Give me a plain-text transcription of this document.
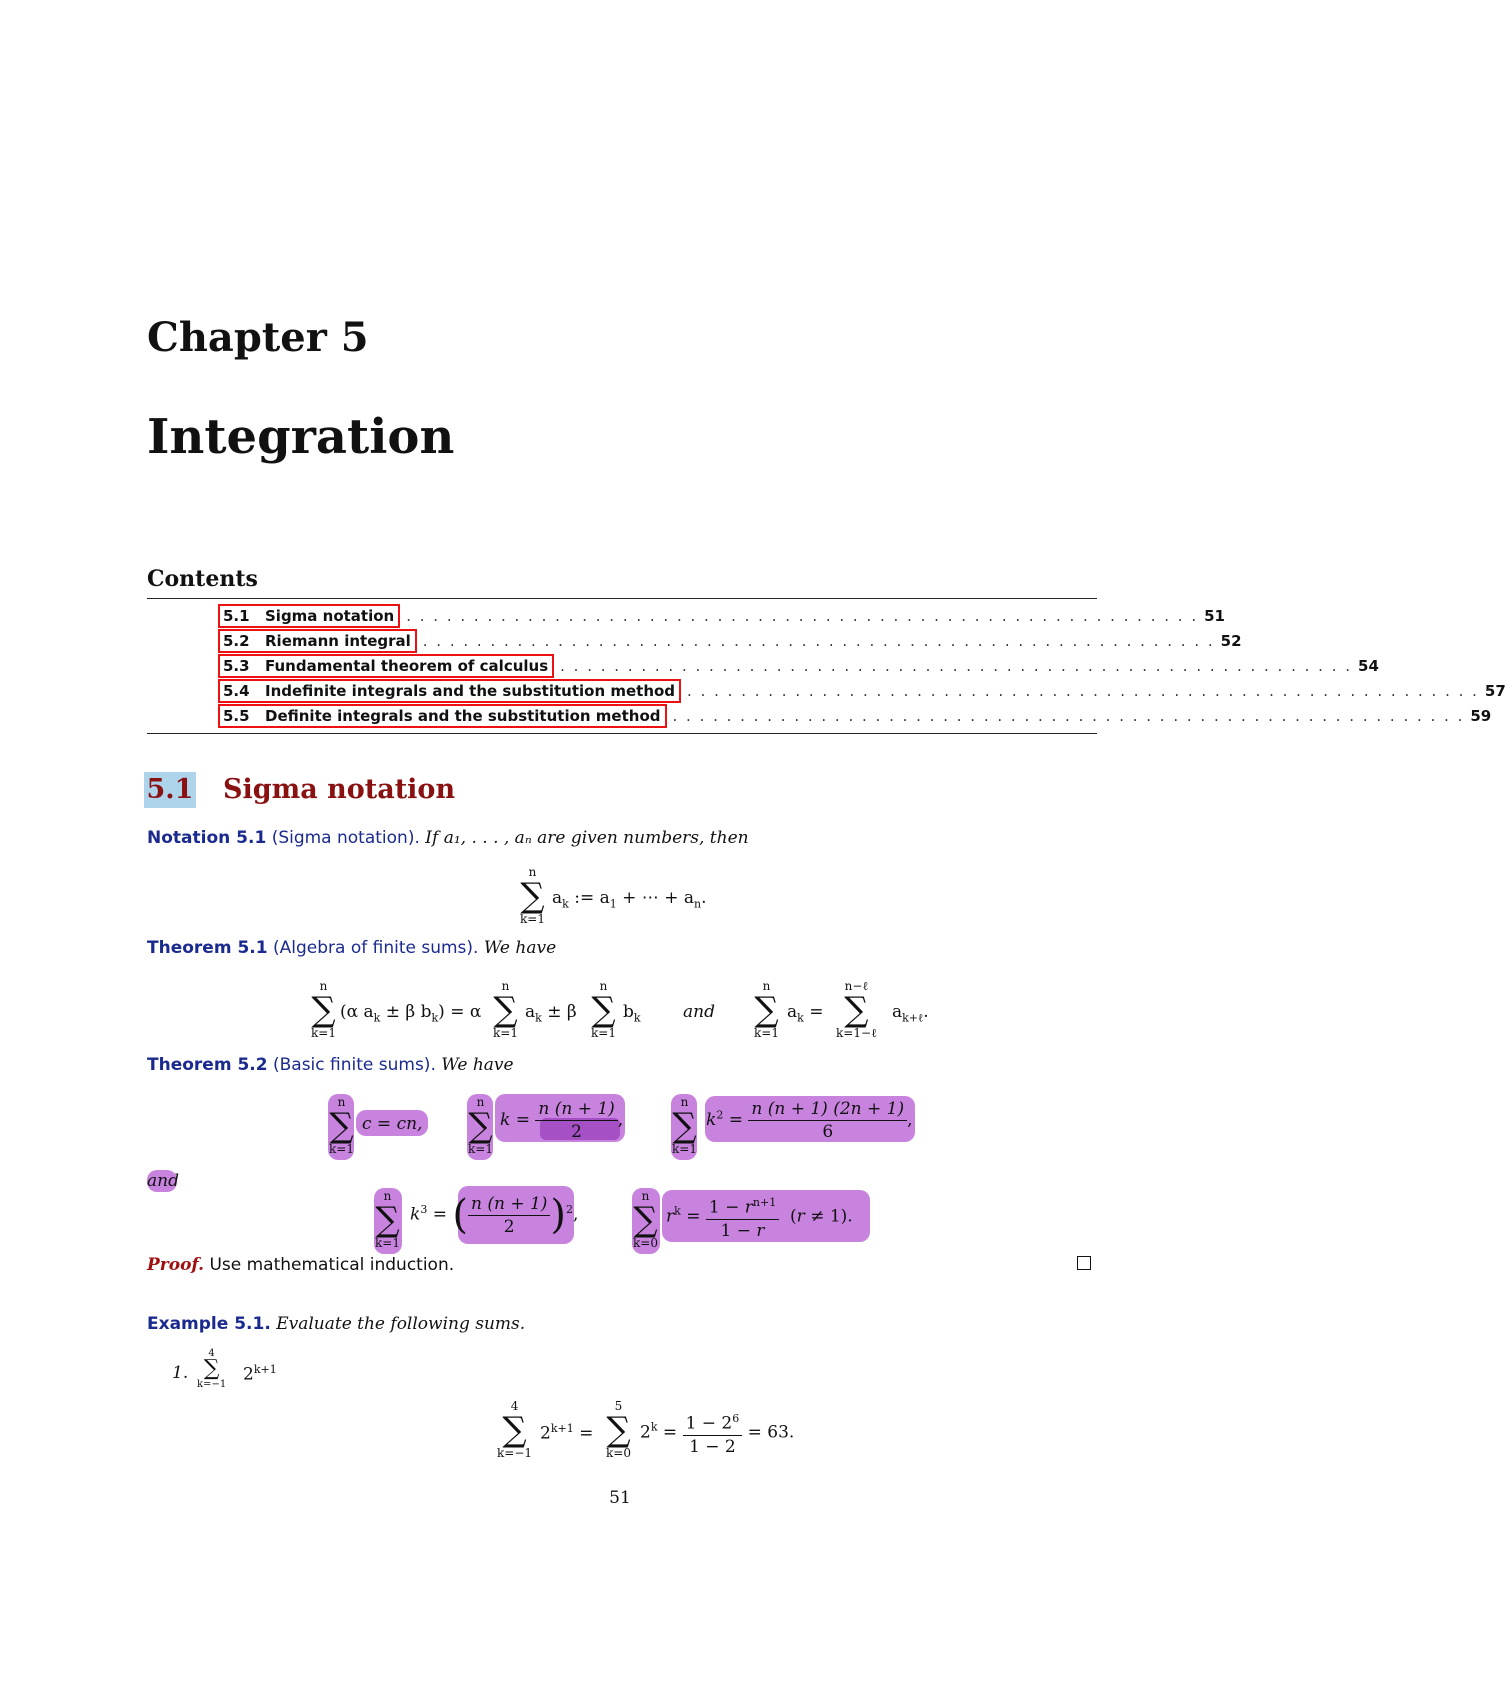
Chapter 5
Integration
Contents
5.1	Sigma notation . . . . . . . . . . . . . . . . . . . . . . . . . . . . . . . . . . . . . . . . . . . . . . . . . . . . . . . . . . . 51
5.2	Riemann integral . . . . . . . . . . . . . . . . . . . . . . . . . . . . . . . . . . . . . . . . . . . . . . . . . . . . . . . . . . . 52
5.3	Fundamental theorem of calculus . . . . . . . . . . . . . . . . . . . . . . . . . . . . . . . . . . . . . . . . . . . . . . . . . . . . . . . . . . . 54
5.4	Indefinite integrals and the substitution method . . . . . . . . . . . . . . . . . . . . . . . . . . . . . . . . . . . . . . . . . . . . . . . . . . . . . . . . . . . 57
5.5	Definite integrals and the substitution method . . . . . . . . . . . . . . . . . . . . . . . . . . . . . . . . . . . . . . . . . . . . . . . . . . . . . . . . . . . 59
5.1 Sigma notation
Notation 5.1 (Sigma notation). If a₁, . . . , aₙ are given numbers, then
n
∑
k=1
$a_k$ := $a_1$ + ⋯ + $a_n$.
Theorem 5.1 (Algebra of finite sums). We have
n
∑
k=1
(α $a_k \pm \beta$ $b_k) = \alpha$
n
∑
k=1
$a_k \pm \beta$
n
∑
k=1
$b_k$ and
n
∑
k=1
$a_k$ =
n−ℓ
∑
k=1−ℓ
$a_{k+\ell}$.
Theorem 5.2 (Basic finite sums). We have
n
∑
k=1
c = cn,
n
∑
k=1
$k = \frac{n (n + 1)}{2}$ ,
n
∑
k=1
$k^2 = \frac{n (n + 1) (2n + 1)}{6}$ ,
and
n
∑
k=1
$k^3$ = ( $\frac{n (n + 1)}{2} )^2$,
n
∑
k=0
$r^k = \frac{1 - r^{n+1}}{1 - r} (r \ne 1)$.
Proof. Use mathematical induction.
Example 5.1. Evaluate the following sums.
1.
4
∑
k=−1 $2^{k+1}$
4
∑
k=−1
$2^{k+1}$ =
5
∑
k=0
$2^k = \frac{1 - 2^6}{1 - 2} = 63$.
51
